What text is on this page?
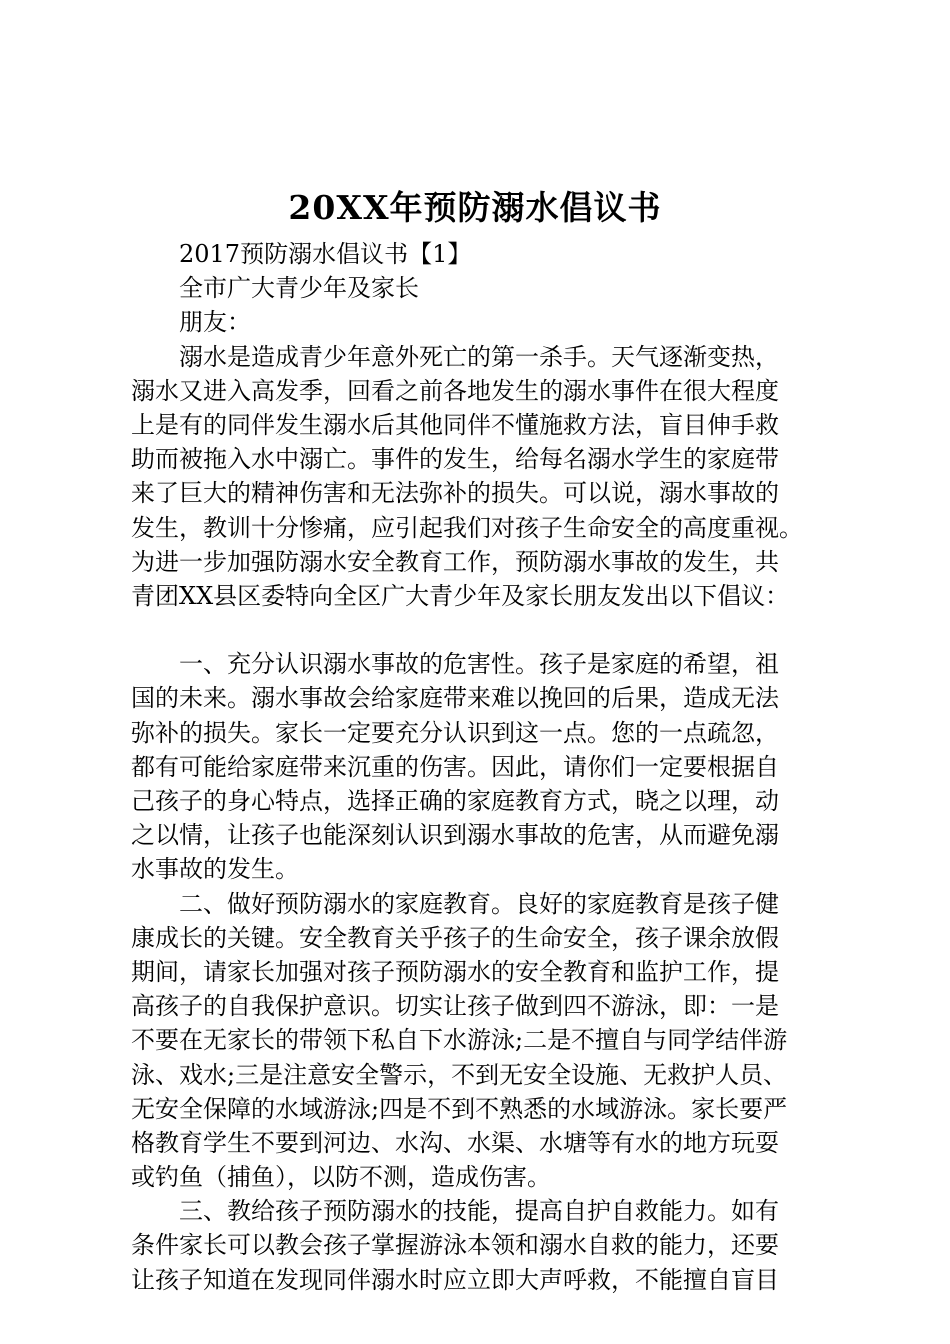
20XX年预防溺水倡议书
2017预防溺水倡议书【1】
全市广大青少年及家长
朋友：
溺水是造成青少年意外死亡的第一杀手。天气逐渐变热，
溺水又进入高发季，回看之前各地发生的溺水事件在很大程度
上是有的同伴发生溺水后其他同伴不懂施救方法，盲目伸手救
助而被拖入水中溺亡。事件的发生，给每名溺水学生的家庭带
来了巨大的精神伤害和无法弥补的损失。可以说，溺水事故的
发生，教训十分惨痛，应引起我们对孩子生命安全的高度重视。
为进一步加强防溺水安全教育工作，预防溺水事故的发生，共
青团XX县区委特向全区广大青少年及家长朋友发出以下倡议：
一、充分认识溺水事故的危害性。孩子是家庭的希望，祖
国的未来。溺水事故会给家庭带来难以挽回的后果，造成无法
弥补的损失。家长一定要充分认识到这一点。您的一点疏忽，
都有可能给家庭带来沉重的伤害。因此，请你们一定要根据自
己孩子的身心特点，选择正确的家庭教育方式，晓之以理，动
之以情，让孩子也能深刻认识到溺水事故的危害，从而避免溺
水事故的发生。
二、做好预防溺水的家庭教育。良好的家庭教育是孩子健
康成长的关键。安全教育关乎孩子的生命安全，孩子课余放假
期间，请家长加强对孩子预防溺水的安全教育和监护工作，提
高孩子的自我保护意识。切实让孩子做到四不游泳，即：一是
不要在无家长的带领下私自下水游泳;二是不擅自与同学结伴游
泳、戏水;三是注意安全警示，不到无安全设施、无救护人员、
无安全保障的水域游泳;四是不到不熟悉的水域游泳。家长要严
格教育学生不要到河边、水沟、水渠、水塘等有水的地方玩耍
或钓鱼（捕鱼），以防不测，造成伤害。
三、教给孩子预防溺水的技能，提高自护自救能力。如有
条件家长可以教会孩子掌握游泳本领和溺水自救的能力，还要
让孩子知道在发现同伴溺水时应立即大声呼救，不能擅自盲目
